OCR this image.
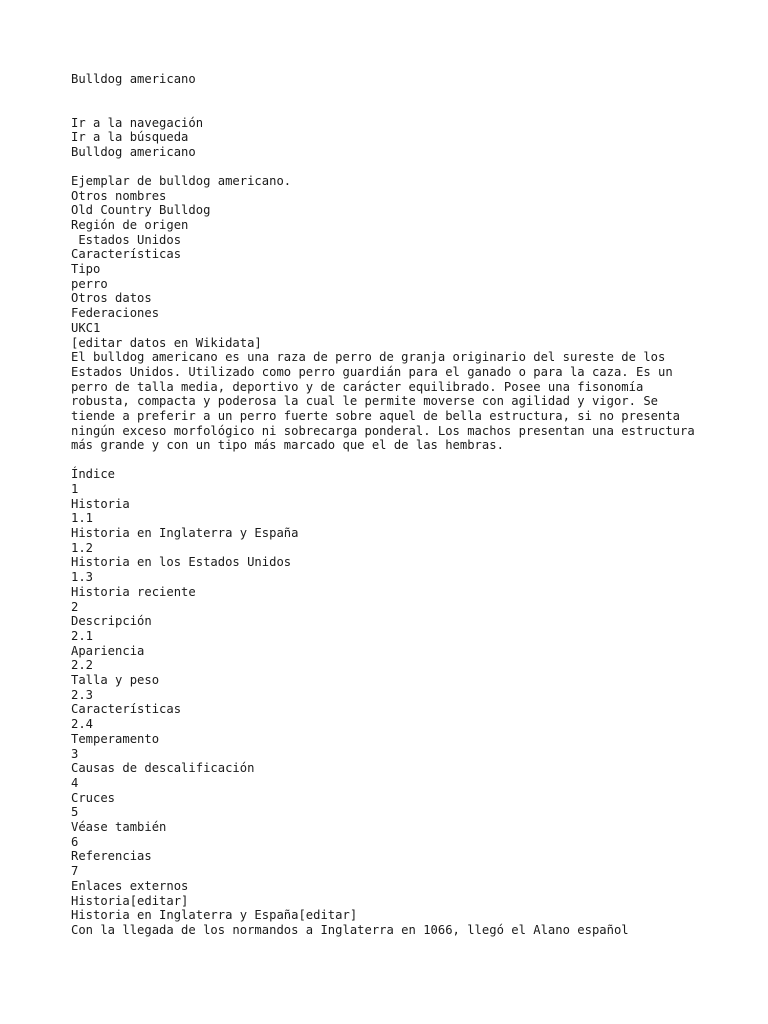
Bulldog americano
Ir a la navegación
Ir a la búsqueda
Bulldog americano
Ejemplar de bulldog americano.
Otros nombres
Old Country Bulldog
Región de origen
Estados Unidos
Características
Tipo
perro
Otros datos
Federaciones
UKC1
[editar datos en Wikidata]
El bulldog americano es una raza de perro de granja originario del sureste de los Estados Unidos. Utilizado como perro guardián para el ganado o para la caza. Es un perro de talla media, deportivo y de carácter equilibrado. Posee una fisonomía robusta, compacta y poderosa la cual le permite moverse con agilidad y vigor. Se tiende a preferir a un perro fuerte sobre aquel de bella estructura, si no presenta ningún exceso morfológico ni sobrecarga ponderal. Los machos presentan una estructura más grande y con un tipo más marcado que el de las hembras.
Índice
1
Historia
1.1
Historia en Inglaterra y España
1.2
Historia en los Estados Unidos
1.3
Historia reciente
2
Descripción
2.1
Apariencia
2.2
Talla y peso
2.3
Características
2.4
Temperamento
3
Causas de descalificación
4
Cruces
5
Véase también
6
Referencias
7
Enlaces externos
Historia[editar]
Historia en Inglaterra y España[editar]
Con la llegada de los normandos a Inglaterra en 1066, llegó el Alano español
